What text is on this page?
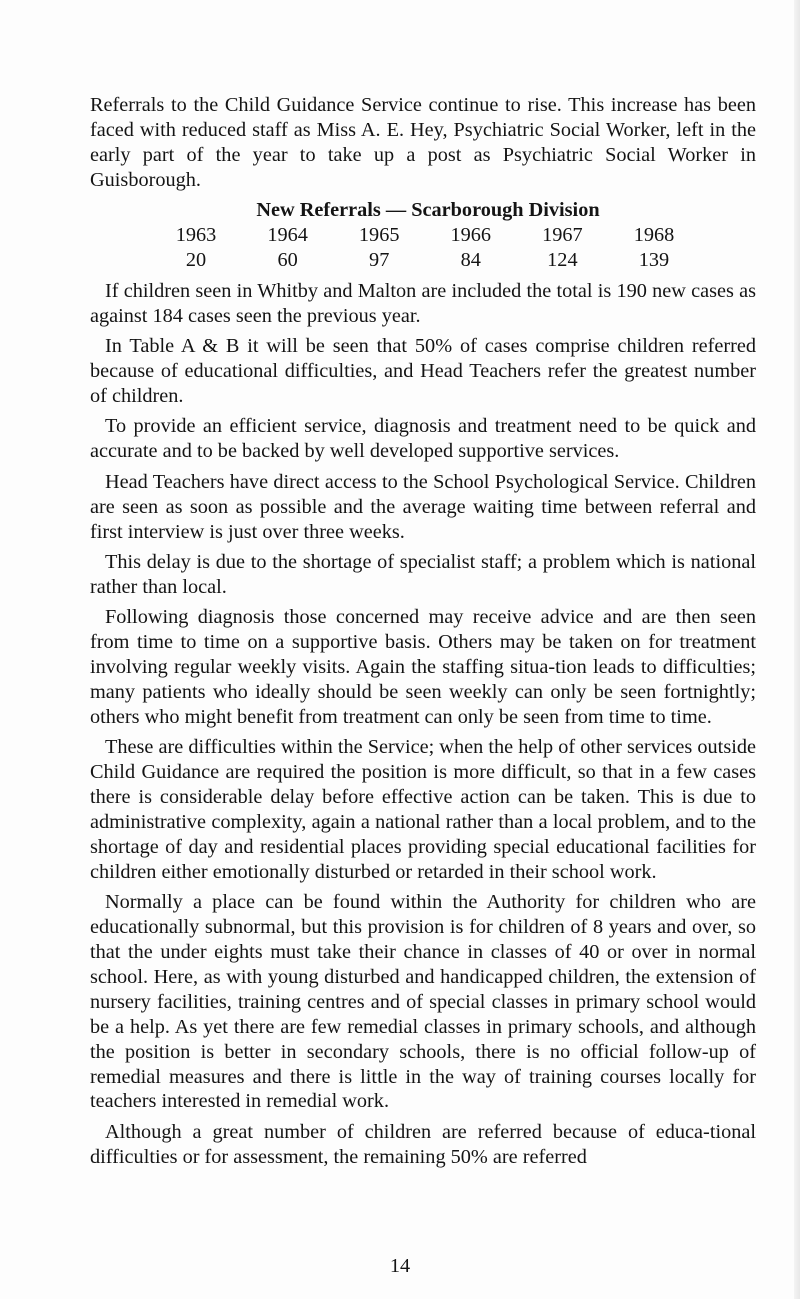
Referrals to the Child Guidance Service continue to rise. This increase has been faced with reduced staff as Miss A. E. Hey, Psychiatric Social Worker, left in the early part of the year to take up a post as Psychiatric Social Worker in Guisborough.

New Referrals — Scarborough Division
1963	1964	1965	1966	1967	1968
20	60	97	84	124	139

If children seen in Whitby and Malton are included the total is 190 new cases as against 184 cases seen the previous year.

In Table A & B it will be seen that 50% of cases comprise children referred because of educational difficulties, and Head Teachers refer the greatest number of children.

To provide an efficient service, diagnosis and treatment need to be quick and accurate and to be backed by well developed supportive services.

Head Teachers have direct access to the School Psychological Service. Children are seen as soon as possible and the average waiting time between referral and first interview is just over three weeks.

This delay is due to the shortage of specialist staff; a problem which is national rather than local.

Following diagnosis those concerned may receive advice and are then seen from time to time on a supportive basis. Others may be taken on for treatment involving regular weekly visits. Again the staffing situa-tion leads to difficulties; many patients who ideally should be seen weekly can only be seen fortnightly; others who might benefit from treatment can only be seen from time to time.

These are difficulties within the Service; when the help of other services outside Child Guidance are required the position is more difficult, so that in a few cases there is considerable delay before effective action can be taken. This is due to administrative complexity, again a national rather than a local problem, and to the shortage of day and residential places providing special educational facilities for children either emotionally disturbed or retarded in their school work.

Normally a place can be found within the Authority for children who are educationally subnormal, but this provision is for children of 8 years and over, so that the under eights must take their chance in classes of 40 or over in normal school. Here, as with young disturbed and handicapped children, the extension of nursery facilities, training centres and of special classes in primary school would be a help. As yet there are few remedial classes in primary schools, and although the position is better in secondary schools, there is no official follow-up of remedial measures and there is little in the way of training courses locally for teachers interested in remedial work.

Although a great number of children are referred because of educa-tional difficulties or for assessment, the remaining 50% are referred

14
